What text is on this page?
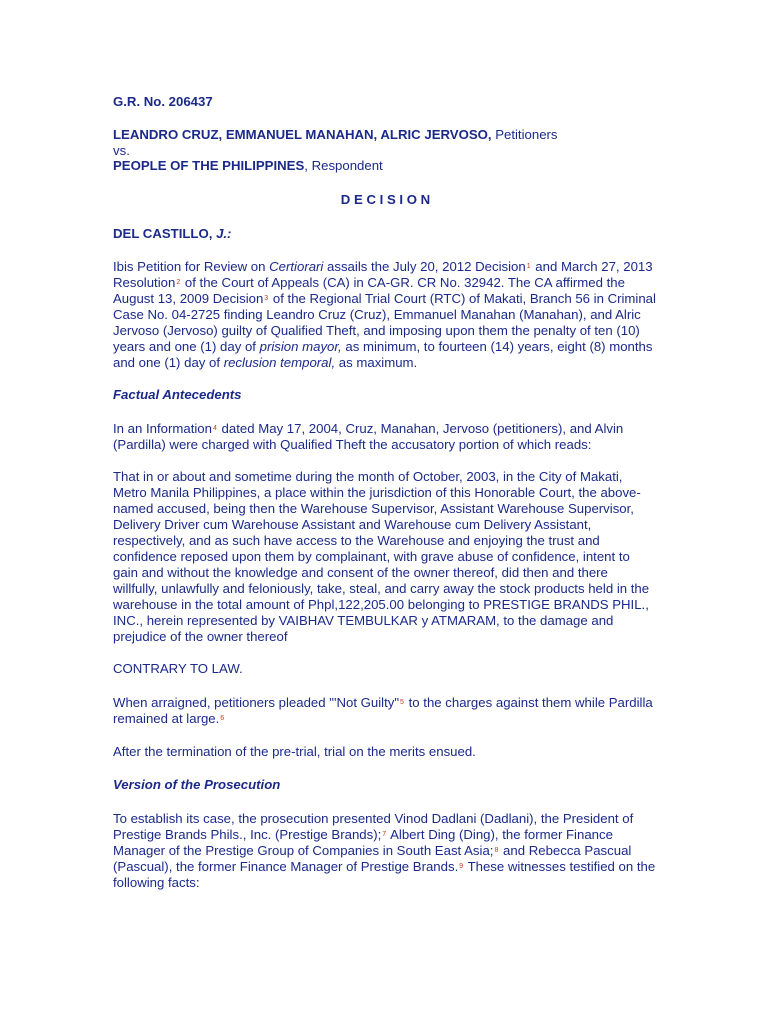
G.R. No. 206437
LEANDRO CRUZ, EMMANUEL MANAHAN, ALRIC JERVOSO, Petitioners
vs.
PEOPLE OF THE PHILIPPINES, Respondent
D E C I S I O N
DEL CASTILLO, J.:
Ibis Petition for Review on Certiorari assails the July 20, 2012 Decision$^1$ and March 27, 2013
Resolution$^2$ of the Court of Appeals (CA) in CA-GR. CR No. 32942. The CA affirmed the
August 13, 2009 Decision$^3$ of the Regional Trial Court (RTC) of Makati, Branch 56 in Criminal
Case No. 04-2725 finding Leandro Cruz (Cruz), Emmanuel Manahan (Manahan), and Alric
Jervoso (Jervoso) guilty of Qualified Theft, and imposing upon them the penalty of ten (10)
years and one (1) day of prision mayor, as minimum, to fourteen (14) years, eight (8) months
and one (1) day of reclusion temporal, as maximum.
Factual Antecedents
In an Information$^4$ dated May 17, 2004, Cruz, Manahan, Jervoso (petitioners), and Alvin
(Pardilla) were charged with Qualified Theft the accusatory portion of which reads:
That in or about and sometime during the month of October, 2003, in the City of Makati,
Metro Manila Philippines, a place within the jurisdiction of this Honorable Court, the above-
named accused, being then the Warehouse Supervisor, Assistant Warehouse Supervisor,
Delivery Driver cum Warehouse Assistant and Warehouse cum Delivery Assistant,
respectively, and as such have access to the Warehouse and enjoying the trust and
confidence reposed upon them by complainant, with grave abuse of confidence, intent to
gain and without the knowledge and consent of the owner thereof, did then and there
willfully, unlawfully and feloniously, take, steal, and carry away the stock products held in the
warehouse in the total amount of Phpl,122,205.00 belonging to PRESTIGE BRANDS PHIL.,
INC., herein represented by VAIBHAV TEMBULKAR y ATMARAM, to the damage and
prejudice of the owner thereof
CONTRARY TO LAW.
When arraigned, petitioners pleaded "'Not Guilty"$^5$ to the charges against them while Pardilla
remained at large.$^6$
After the termination of the pre-trial, trial on the merits ensued.
Version of the Prosecution
To establish its case, the prosecution presented Vinod Dadlani (Dadlani), the President of
Prestige Brands Phils., Inc. (Prestige Brands);$^7$ Albert Ding (Ding), the former Finance
Manager of the Prestige Group of Companies in South East Asia;$^8$ and Rebecca Pascual
(Pascual), the former Finance Manager of Prestige Brands.$^9$ These witnesses testified on the
following facts:
